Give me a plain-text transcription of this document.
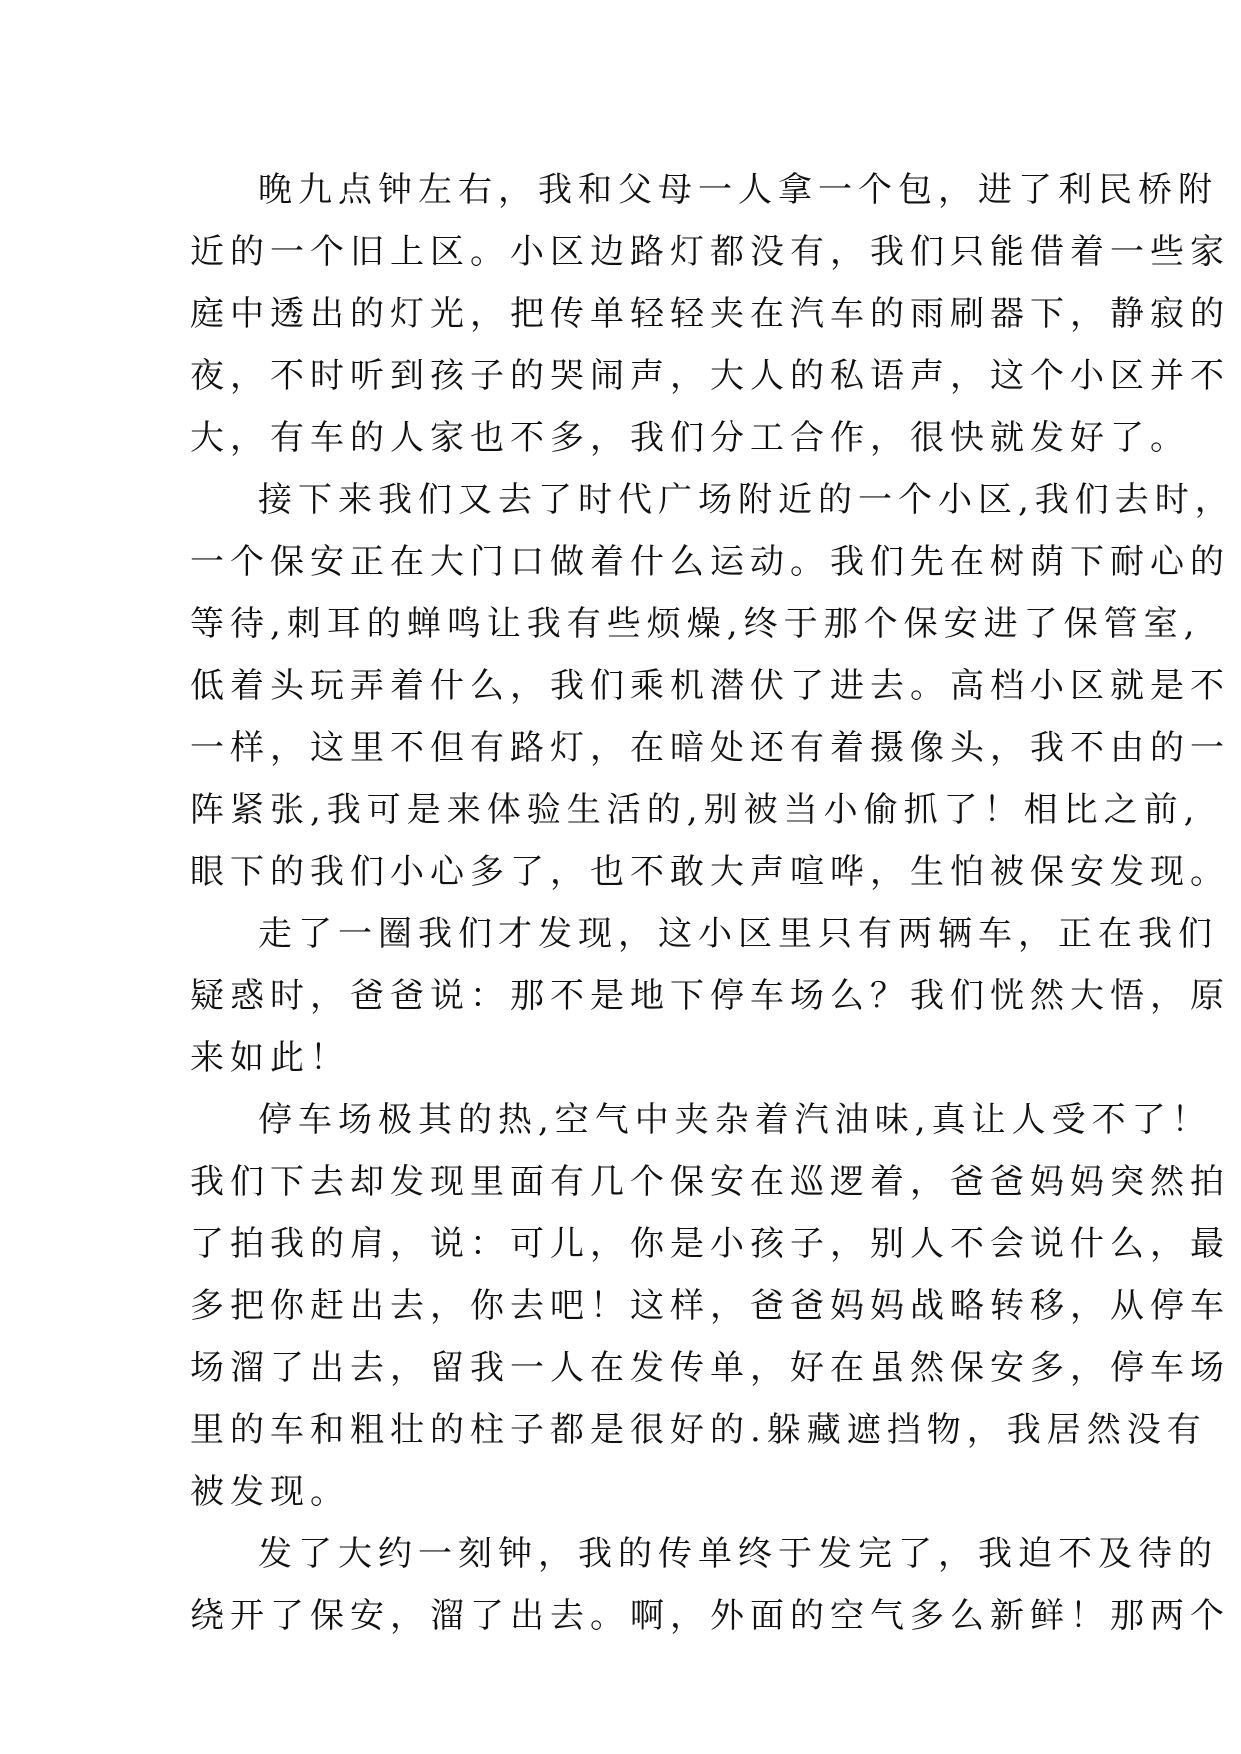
晚九点钟左右，我和父母一人拿一个包，进了利民桥附
近的一个旧上区。小区边路灯都没有，我们只能借着一些家
庭中透出的灯光，把传单轻轻夹在汽车的雨刷器下，静寂的
夜，不时听到孩子的哭闹声，大人的私语声，这个小区并不
大，有车的人家也不多，我们分工合作，很快就发好了。
接下来我们又去了时代广场附近的一个小区,我们去时，
一个保安正在大门口做着什么运动。我们先在树荫下耐心的
等待,刺耳的蝉鸣让我有些烦燥,终于那个保安进了保管室,
低着头玩弄着什么，我们乘机潜伏了进去。高档小区就是不
一样，这里不但有路灯，在暗处还有着摄像头，我不由的一
阵紧张,我可是来体验生活的,别被当小偷抓了！相比之前,
眼下的我们小心多了，也不敢大声喧哗，生怕被保安发现。
走了一圈我们才发现，这小区里只有两辆车，正在我们
疑惑时，爸爸说：那不是地下停车场么？我们恍然大悟，原
来如此！
停车场极其的热,空气中夹杂着汽油味,真让人受不了！
我们下去却发现里面有几个保安在巡逻着，爸爸妈妈突然拍
了拍我的肩，说：可儿，你是小孩子，别人不会说什么，最
多把你赶出去，你去吧！这样，爸爸妈妈战略转移，从停车
场溜了出去，留我一人在发传单，好在虽然保安多，停车场
里的车和粗壮的柱子都是很好的.躲藏遮挡物，我居然没有
被发现。
发了大约一刻钟，我的传单终于发完了，我迫不及待的
绕开了保安，溜了出去。啊，外面的空气多么新鲜！那两个
